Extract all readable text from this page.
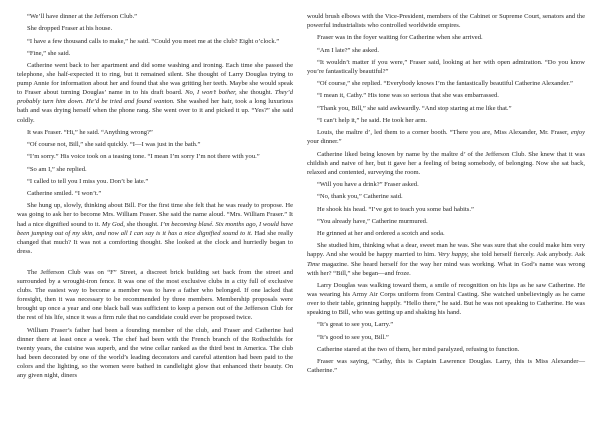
“We’ll have dinner at the Jefferson Club.”

She dropped Fraser at his house.

“I have a few thousand calls to make,” he said. “Could you meet me at the club? Eight o’clock.”

“Fine,” she said.

Catherine went back to her apartment and did some washing and ironing. Each time she passed the telephone, she half-expected it to ring, but it remained silent. She thought of Larry Douglas trying to pump Annie for information about her and found that she was gritting her teeth. Maybe she would speak to Fraser about turning Douglas’ name in to his draft board. No, I won’t bother, she thought. They’d probably turn him down. He’d be tried and found wanton. She washed her hair, took a long luxurious bath and was drying herself when the phone rang. She went over to it and picked it up. “Yes?” she said coldly.

It was Fraser. “Hi,” he said. “Anything wrong?”

“Of course not, Bill,” she said quickly. “I—I was just in the bath.”

“I’m sorry.” His voice took on a teasing tone. “I mean I’m sorry I’m not there with you.”

“So am I,” she replied.

“I called to tell you I miss you. Don’t be late.”

Catherine smiled. “I won’t.”

She hung up, slowly, thinking about Bill. For the first time she felt that he was ready to propose. He was going to ask her to become Mrs. William Fraser. She said the name aloud. “Mrs. William Fraser.” It had a nice dignified sound to it. My God, she thought. I’m becoming blasé. Six months ago, I would have been jumping out of my skin, and now all I can say is it has a nice dignified sound to it. Had she really changed that much? It was not a comforting thought. She looked at the clock and hurriedly began to dress.

The Jefferson Club was on “F” Street, a discreet brick building set back from the street and surrounded by a wrought-iron fence. It was one of the most exclusive clubs in a city full of exclusive clubs. The easiest way to become a member was to have a father who belonged. If one lacked that foresight, then it was necessary to be recommended by three members. Membership proposals were brought up once a year and one black ball was sufficient to keep a person out of the Jefferson Club for the rest of his life, since it was a firm rule that no candidate could ever be proposed twice.

William Fraser’s father had been a founding member of the club, and Fraser and Catherine had dinner there at least once a week. The chef had been with the French branch of the Rothschilds for twenty years, the cuisine was superb, and the wine cellar ranked as the third best in America. The club had been decorated by one of the world’s leading decorators and careful attention had been paid to the colors and the lighting, so the women were bathed in candlelight glow that enhanced their beauty. On any given night, diners

would brush elbows with the Vice-President, members of the Cabinet or Supreme Court, senators and the powerful industrialists who controlled worldwide empires.

Fraser was in the foyer waiting for Catherine when she arrived.

“Am I late?” she asked.

“It wouldn’t matter if you were,” Fraser said, looking at her with open admiration. “Do you know you’re fantastically beautiful?”

“Of course,” she replied. “Everybody knows I’m the fantastically beautiful Catherine Alexander.”

“I mean it, Cathy.” His tone was so serious that she was embarrassed.

“Thank you, Bill,” she said awkwardly. “And stop staring at me like that.”

“I can’t help it,” he said. He took her arm.

Louis, the maître d’, led them to a corner booth. “There you are, Miss Alexander, Mr. Fraser, enjoy your dinner.”

Catherine liked being known by name by the maître d’ of the Jefferson Club. She knew that it was childish and naive of her, but it gave her a feeling of being somebody, of belonging. Now she sat back, relaxed and contented, surveying the room.

“Will you have a drink?” Fraser asked.

“No, thank you,” Catherine said.

He shook his head. “I’ve got to teach you some bad habits.”

“You already have,” Catherine murmured.

He grinned at her and ordered a scotch and soda.

She studied him, thinking what a dear, sweet man he was. She was sure that she could make him very happy. And she would be happy married to him. Very happy, she told herself fiercely. Ask anybody. Ask Time magazine. She heard herself for the way her mind was working. What in God’s name was wrong with her? “Bill,” she began—and froze.

Larry Douglas was walking toward them, a smile of recognition on his lips as he saw Catherine. He was wearing his Army Air Corps uniform from Central Casting. She watched unbelievingly as he came over to their table, grinning happily. “Hello there,” he said. But he was not speaking to Catherine. He was speaking to Bill, who was getting up and shaking his hand.

“It’s great to see you, Larry.”

“It’s good to see you, Bill.”

Catherine stared at the two of them, her mind paralyzed, refusing to function.

Fraser was saying, “Cathy, this is Captain Lawrence Douglas. Larry, this is Miss Alexander—Catherine.”
